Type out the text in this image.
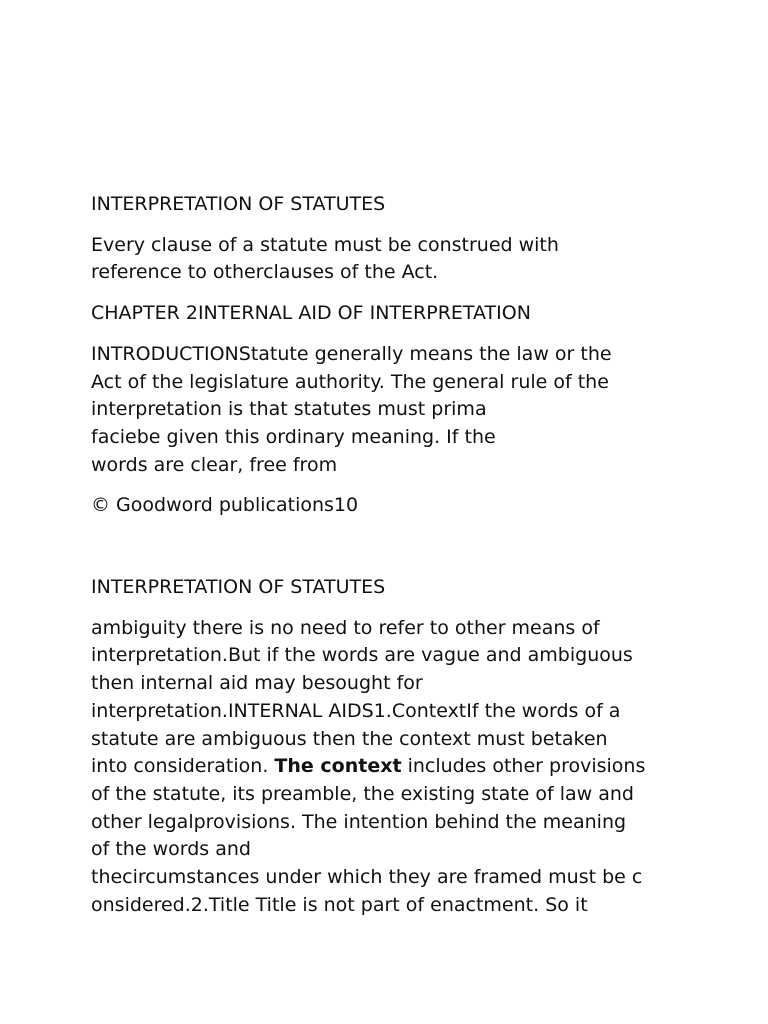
INTERPRETATION OF STATUTES

Every clause of a statute must be construed with
reference to otherclauses of the Act.

CHAPTER 2INTERNAL AID OF INTERPRETATION

INTRODUCTIONStatute generally means the law or the
Act of the legislature authority. The general rule of the
interpretation is that statutes must prima
faciebe given this ordinary meaning. If the
words are clear, free from

© Goodword publications10

INTERPRETATION OF STATUTES

ambiguity there is no need to refer to other means of
interpretation.But if the words are vague and ambiguous
then internal aid may besought for
interpretation.INTERNAL AIDS1.ContextIf the words of a
statute are ambiguous then the context must betaken
into consideration. The context includes other provisions
of the statute, its preamble, the existing state of law and
other legalprovisions. The intention behind the meaning
of the words and
thecircumstances under which they are framed must be c
onsidered.2.Title Title is not part of enactment. So it
